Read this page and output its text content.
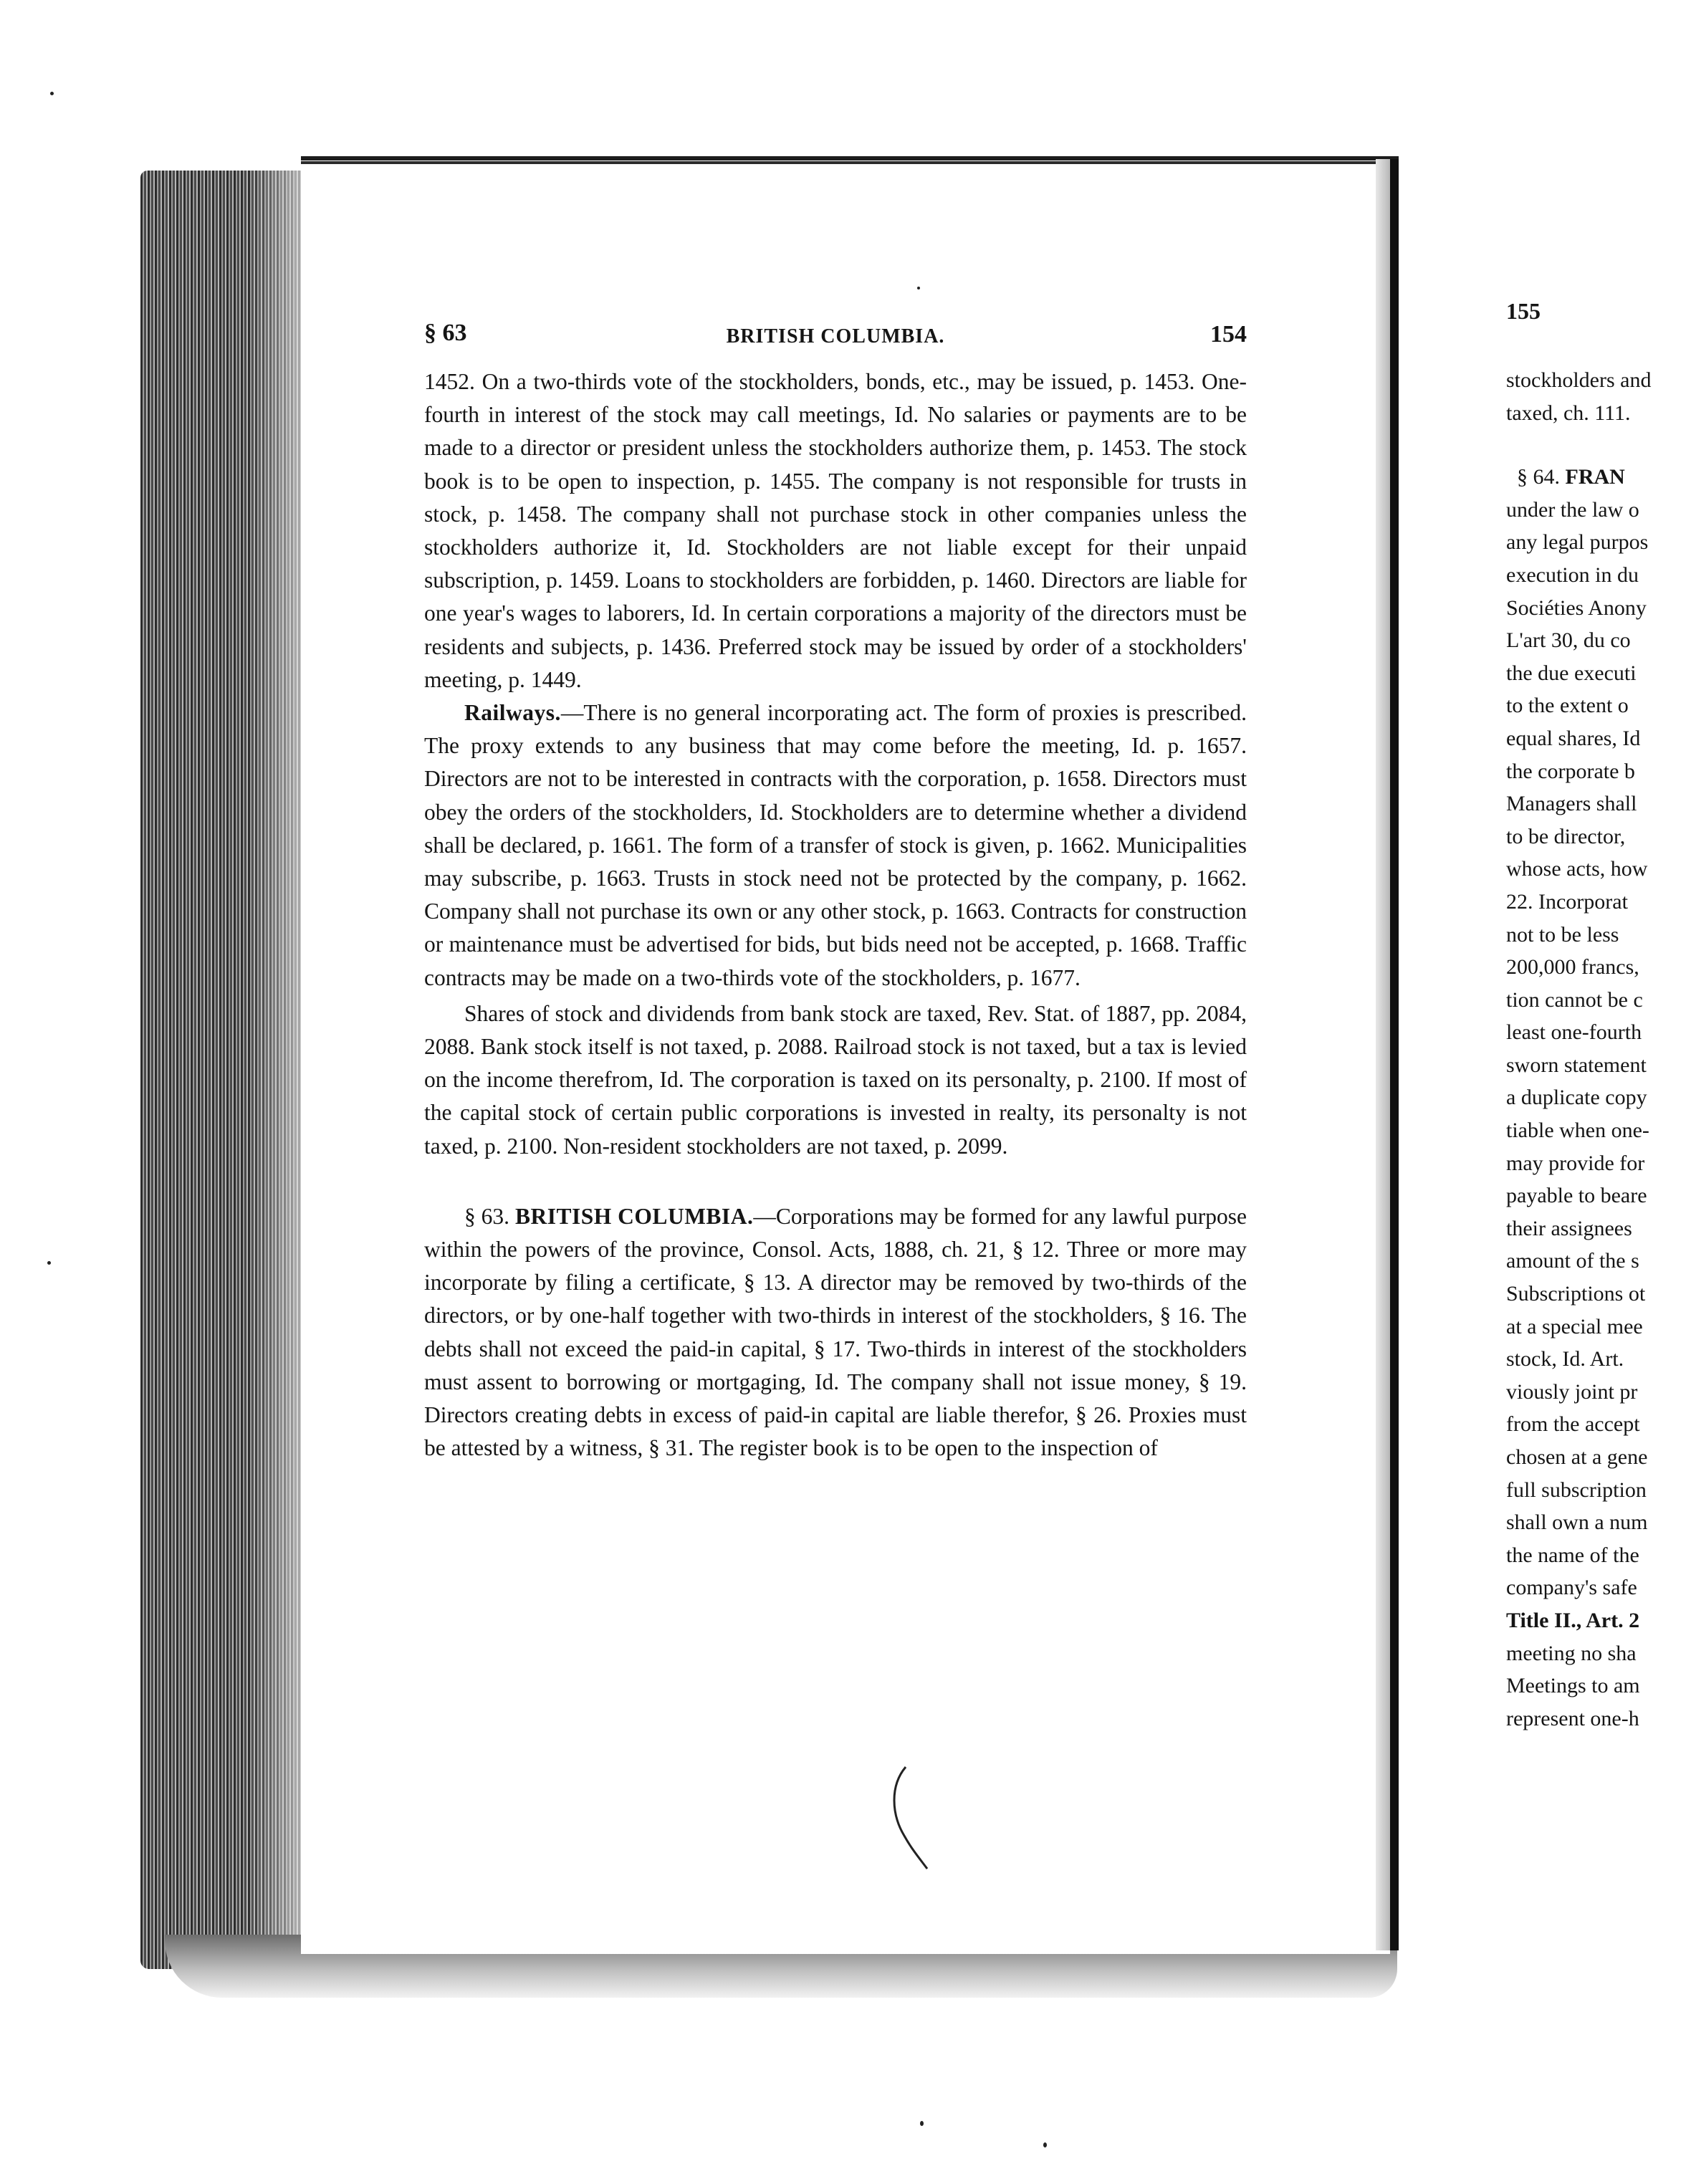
§ 63	BRITISH COLUMBIA.	154

1452. On a two-thirds vote of the stockholders, bonds, etc., may be issued, p. 1453. One-fourth in interest of the stock may call meetings, Id. No salaries or payments are to be made to a director or president unless the stockholders authorize them, p. 1453. The stock book is to be open to inspection, p. 1455. The company is not responsible for trusts in stock, p. 1458. The company shall not purchase stock in other companies unless the stockholders authorize it, Id. Stockholders are not liable except for their unpaid subscription, p. 1459. Loans to stockholders are forbidden, p. 1460. Directors are liable for one year's wages to laborers, Id. In certain corporations a majority of the directors must be residents and subjects, p. 1436. Preferred stock may be issued by order of a stockholders' meeting, p. 1449.

Railways.—There is no general incorporating act. The form of proxies is prescribed. The proxy extends to any business that may come before the meeting, Id. p. 1657. Directors are not to be interested in contracts with the corporation, p. 1658. Directors must obey the orders of the stockholders, Id. Stockholders are to determine whether a dividend shall be declared, p. 1661. The form of a transfer of stock is given, p. 1662. Municipalities may subscribe, p. 1663. Trusts in stock need not be protected by the company, p. 1662. Company shall not purchase its own or any other stock, p. 1663. Contracts for construction or maintenance must be advertised for bids, but bids need not be accepted, p. 1668. Traffic contracts may be made on a two-thirds vote of the stockholders, p. 1677.

Shares of stock and dividends from bank stock are taxed, Rev. Stat. of 1887, pp. 2084, 2088. Bank stock itself is not taxed, p. 2088. Railroad stock is not taxed, but a tax is levied on the income therefrom, Id. The corporation is taxed on its personalty, p. 2100. If most of the capital stock of certain public corporations is invested in realty, its personalty is not taxed, p. 2100. Non-resident stockholders are not taxed, p. 2099.

§ 63. BRITISH COLUMBIA.—Corporations may be formed for any lawful purpose within the powers of the province, Consol. Acts, 1888, ch. 21, § 12. Three or more may incorporate by filing a certificate, § 13. A director may be removed by two-thirds of the directors, or by one-half together with two-thirds in interest of the stockholders, § 16. The debts shall not exceed the paid-in capital, § 17. Two-thirds in interest of the stockholders must assent to borrowing or mortgaging, Id. The company shall not issue money, § 19. Directors creating debts in excess of paid-in capital are liable therefor, § 26. Proxies must be attested by a witness, § 31. The register book is to be open to the inspection of

155
stockholders and
taxed, ch. 111.
§ 64. FRAN
under the law o
any legal purpos
execution in du
Sociéties Anony
L'art 30, du co
the due executi
to the extent o
equal shares, Id
the corporate b
Managers shall
to be director,
whose acts, how
22. Incorporat
not to be less
200,000 francs,
tion cannot be c
least one-fourth
sworn statement
a duplicate copy
tiable when one-
may provide for
payable to beare
their assignees
amount of the s
Subscriptions ot
at a special mee
stock, Id. Art.
viously joint pr
from the accept
chosen at a gene
full subscription
shall own a num
the name of the
company's safe
Title II., Art. 2
meeting no sha
Meetings to am
represent one-h
